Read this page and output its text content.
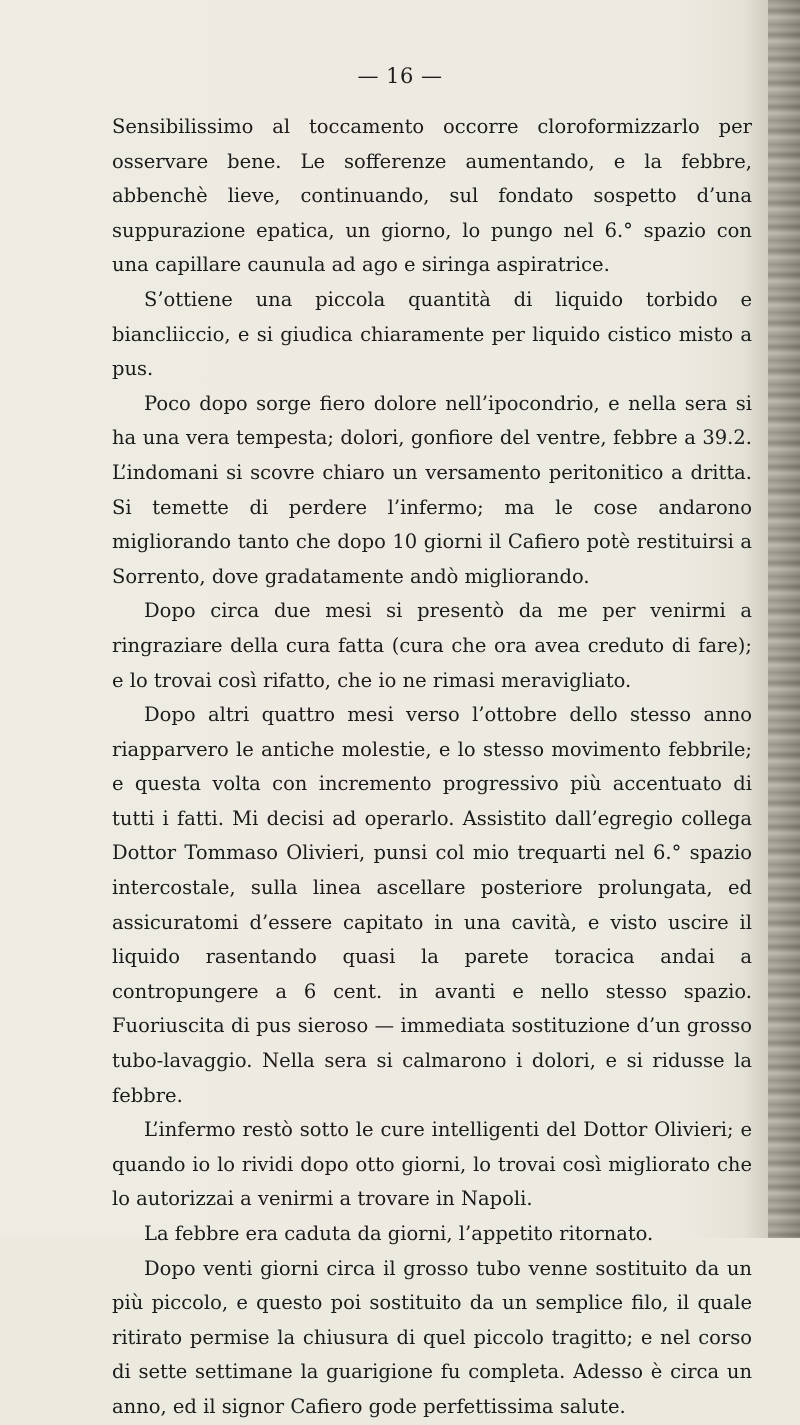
— 16 —

Sensibilissimo al toccamento occorre cloroformizzarlo per osservare bene. Le sofferenze aumentando, e la febbre, abbenchè lieve, continuando, sul fondato sospetto d’una suppurazione epatica, un giorno, lo pungo nel 6.° spazio con una capillare caunula ad ago e siringa aspiratrice.

S’ottiene una piccola quantità di liquido torbido e biancliiccio, e si giudica chiaramente per liquido cistico misto a pus.

Poco dopo sorge fiero dolore nell’ipocondrio, e nella sera si ha una vera tempesta; dolori, gonfiore del ventre, febbre a 39.2. L’indomani si scovre chiaro un versamento peritonitico a dritta. Si temette di perdere l’infermo; ma le cose andarono migliorando tanto che dopo 10 giorni il Cafiero potè restituirsi a Sorrento, dove gradatamente andò migliorando.

Dopo circa due mesi si presentò da me per venirmi a ringraziare della cura fatta (cura che ora avea creduto di fare); e lo trovai così rifatto, che io ne rimasi meravigliato.

Dopo altri quattro mesi verso l’ottobre dello stesso anno riapparvero le antiche molestie, e lo stesso movimento febbrile; e questa volta con incremento progressivo più accentuato di tutti i fatti. Mi decisi ad operarlo. Assistito dall’egregio collega Dottor Tommaso Olivieri, punsi col mio trequarti nel 6.° spazio intercostale, sulla linea ascellare posteriore prolungata, ed assicuratomi d’essere capitato in una cavità, e visto uscire il liquido rasentando quasi la parete toracica andai a contropungere a 6 cent. in avanti e nello stesso spazio. Fuoriuscita di pus sieroso — immediata sostituzione d’un grosso tubo-lavaggio. Nella sera si calmarono i dolori, e si ridusse la febbre.

L’infermo restò sotto le cure intelligenti del Dottor Olivieri; e quando io lo rividi dopo otto giorni, lo trovai così migliorato che lo autorizzai a venirmi a trovare in Napoli.

La febbre era caduta da giorni, l’appetito ritornato.

Dopo venti giorni circa il grosso tubo venne sostituito da un più piccolo, e questo poi sostituito da un semplice filo, il quale ritirato permise la chiusura di quel piccolo tragitto; e nel corso di sette settimane la guarigione fu completa. Adesso è circa un anno, ed il signor Cafiero gode perfettissima salute.
